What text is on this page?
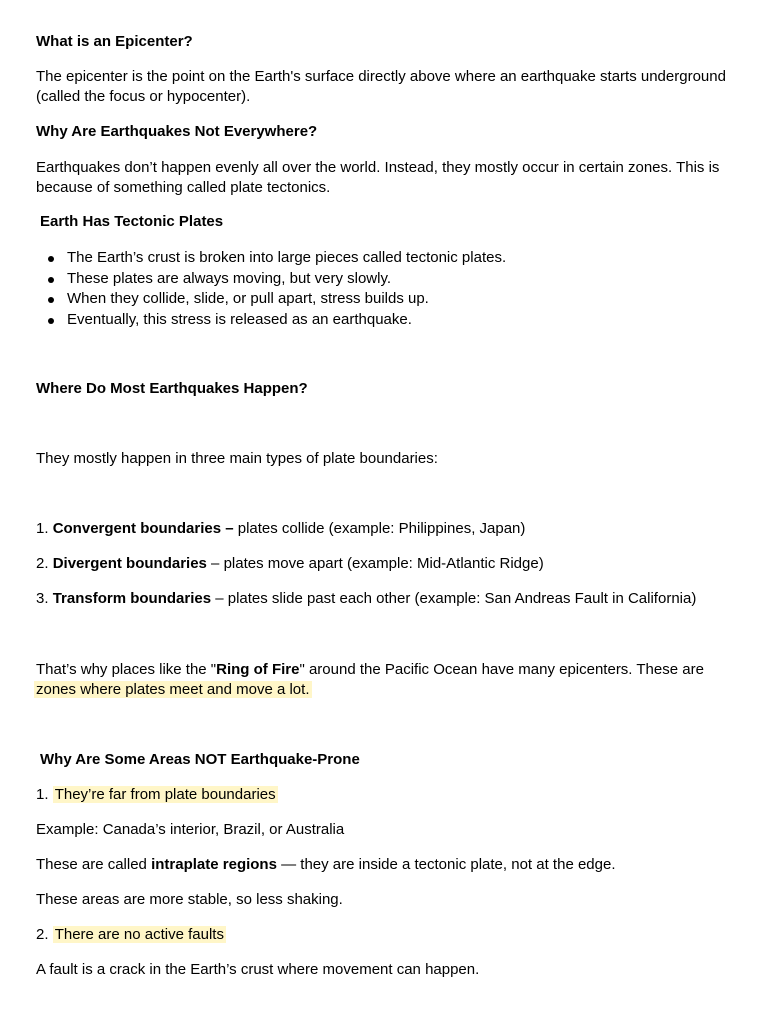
What is an Epicenter?

The epicenter is the point on the Earth's surface directly above where an earthquake starts underground (called the focus or hypocenter).

Why Are Earthquakes Not Everywhere?

Earthquakes don’t happen evenly all over the world. Instead, they mostly occur in certain zones. This is because of something called plate tectonics.

Earth Has Tectonic Plates
The Earth’s crust is broken into large pieces called tectonic plates.
These plates are always moving, but very slowly.
When they collide, slide, or pull apart, stress builds up.
Eventually, this stress is released as an earthquake.
Where Do Most Earthquakes Happen?

They mostly happen in three main types of plate boundaries:

1. Convergent boundaries – plates collide (example: Philippines, Japan)

2. Divergent boundaries – plates move apart (example: Mid-Atlantic Ridge)

3. Transform boundaries – plates slide past each other (example: San Andreas Fault in California)

That’s why places like the "Ring of Fire" around the Pacific Ocean have many epicenters. These are
zones where plates meet and move a lot.

Why Are Some Areas NOT Earthquake-Prone

1. They’re far from plate boundaries

Example: Canada’s interior, Brazil, or Australia

These are called intraplate regions — they are inside a tectonic plate, not at the edge.

These areas are more stable, so less shaking.

2. There are no active faults

A fault is a crack in the Earth’s crust where movement can happen.
